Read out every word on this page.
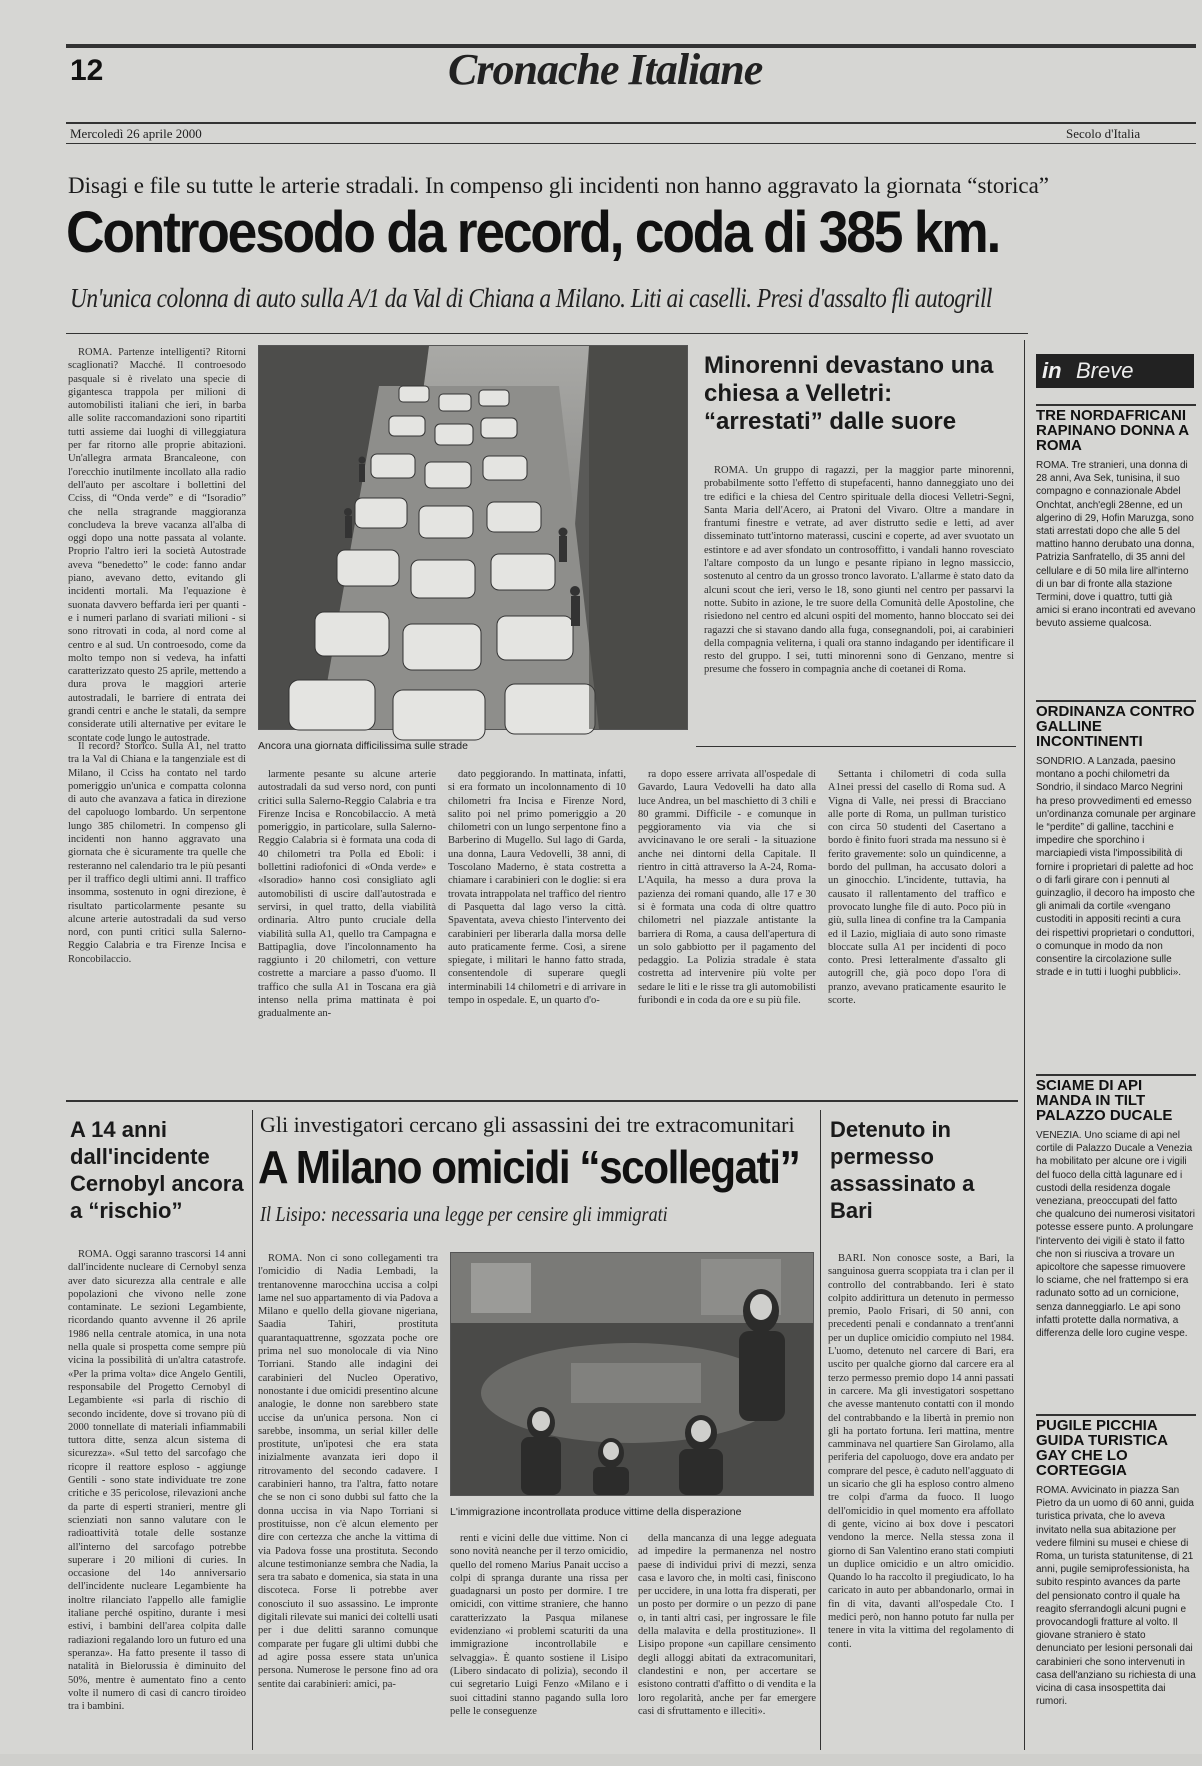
12	Cronache Italiane
Mercoledì 26 aprile 2000	Secolo d'Italia
Disagi e file su tutte le arterie stradali. In compenso gli incidenti non hanno aggravato la giornata “storica”
Controesodo da record, coda di 385 km.
Un'unica colonna di auto sulla A/1 da Val di Chiana a Milano. Liti ai caselli. Presi d'assalto fli autogrill
Ancora una giornata difficilissima sulle strade

ROMA. Partenze intelligenti? Ritorni scaglionati? Macché. Il controesodo pasquale si è rivelato una specie di gigantesca trappola per milioni di automobilisti italiani che ieri, in barba alle solite raccomandazioni sono ripartiti tutti assieme dai luoghi di villeggiatura per far ritorno alle proprie abitazioni. Un'allegra armata Brancaleone, con l'orecchio inutilmente incollato alla radio dell'auto per ascoltare i bollettini del Cciss, di “Onda verde” e di “Isoradio” che nella stragrande maggioranza concludeva la breve vacanza all'alba di oggi dopo una notte passata al volante. Proprio l'altro ieri la società Autostrade aveva “benedetto” le code: fanno andar piano, avevano detto, evitando gli incidenti mortali. Ma l'equazione è suonata davvero beffarda ieri per quanti - e i numeri parlano di svariati milioni - si sono ritrovati in coda, al nord come al centro e al sud. Un controesodo, come da molto tempo non si vedeva, ha infatti caratterizzato questo 25 aprile, mettendo a dura prova le maggiori arterie autostradali, le barriere di entrata dei grandi centri e anche le statali, da sempre considerate utili alternative per evitare le scontate code lungo le autostrade.

Il record? Storico. Sulla A1, nel tratto tra la Val di Chiana e la tangenziale est di Milano, il Ccìss ha contato nel tardo pomeriggio un'unica e compatta colonna di auto che avanzava a fatica in direzione del capoluogo lombardo. Un serpentone lungo 385 chilometri. In compenso gli incidenti non hanno aggravato una giornata che è sicuramente tra quelle che resteranno nel calendario tra le più pesanti per il traffico degli ultimi anni. Il traffico insomma, sostenuto in ogni direzione, è risultato particolarmente pesante su alcune arterie autostradali da sud verso nord, con punti critici sulla Salerno-Reggio Calabria e tra Firenze Incisa e Roncobilaccio.

larmente pesante su alcune arterie autostradali da sud verso nord, con punti critici sulla Salerno-Reggio Calabria e tra Firenze Incisa e Roncobilaccio. A metà pomeriggio, in particolare, sulla Salerno-Reggio Calabria si è formata una coda di 40 chilometri tra Polla ed Eboli: i bollettini radiofonici di «Onda verde» e «Isoradio» hanno così consigliato agli automobilisti di uscire dall'autostrada e servirsi, in quel tratto, della viabilità ordinaria. Altro punto cruciale della viabilità sulla A1, quello tra Campagna e Battipaglia, dove l'incolonnamento ha raggiunto i 20 chilometri, con vetture costrette a marciare a passo d'uomo. Il traffico che sulla A1 in Toscana era già intenso nella prima mattinata è poi gradualmente an-

dato peggiorando. In mattinata, infatti, si era formato un incolonnamento di 10 chilometri fra Incisa e Firenze Nord, salito poi nel primo pomeriggio a 20 chilometri con un lungo serpentone fino a Barberino di Mugello. Sul lago di Garda, una donna, Laura Vedovelli, 38 anni, di Toscolano Maderno, è stata costretta a chiamare i carabinieri con le doglie: si era trovata intrappolata nel traffico del rientro di Pasquetta dal lago verso la città. Spaventata, aveva chiesto l'intervento dei carabinieri per liberarla dalla morsa delle auto praticamente ferme. Così, a sirene spiegate, i militari le hanno fatto strada, consentendole di superare quegli interminabili 14 chilometri e di arrivare in tempo in ospedale. E, un quarto d'o-

ra dopo essere arrivata all'ospedale di Gavardo, Laura Vedovelli ha dato alla luce Andrea, un bel maschietto di 3 chili e 80 grammi. Difficile - e comunque in peggioramento via via che si avvicinavano le ore serali - la situazione anche nei dintorni della Capitale. Il rientro in città attraverso la A-24, Roma-L'Aquila, ha messo a dura prova la pazienza dei romani quando, alle 17 e 30 si è formata una coda di oltre quattro chilometri nel piazzale antistante la barriera di Roma, a causa dell'apertura di un solo gabbiotto per il pagamento del pedaggio. La Polizia stradale è stata costretta ad intervenire più volte per sedare le liti e le risse tra gli automobilisti furibondi e in coda da ore e su più file.

Settanta i chilometri di coda sulla A1nei pressi del casello di Roma sud. A Vigna di Valle, nei pressi di Bracciano alle porte di Roma, un pullman turistico con circa 50 studenti del Casertano a bordo è finito fuori strada ma nessuno si è ferito gravemente: solo un quindicenne, a bordo del pullman, ha accusato dolori a un ginocchio. L'incidente, tuttavia, ha causato il rallentamento del traffico e provocato lunghe file di auto. Poco più in giù, sulla linea di confine tra la Campania ed il Lazio, migliaia di auto sono rimaste bloccate sulla A1 per incidenti di poco conto. Presi letteralmente d'assalto gli autogrill che, già poco dopo l'ora di pranzo, avevano praticamente esaurito le scorte.

Minorenni devastano una chiesa a Velletri: “arrestati” dalle suore

ROMA. Un gruppo di ragazzi, per la maggior parte minorenni, probabilmente sotto l'effetto di stupefacenti, hanno danneggiato uno dei tre edifici e la chiesa del Centro spirituale della diocesi Velletri-Segni, Santa Maria dell'Acero, ai Pratoni del Vivaro. Oltre a mandare in frantumi finestre e vetrate, ad aver distrutto sedie e letti, ad aver disseminato tutt'intorno materassi, cuscini e coperte, ad aver svuotato un estintore e ad aver sfondato un controsoffitto, i vandali hanno rovesciato l'altare composto da un lungo e pesante ripiano in legno massiccio, sostenuto al centro da un grosso tronco lavorato. L'allarme è stato dato da alcuni scout che ieri, verso le 18, sono giunti nel centro per passarvi la notte. Subito in azione, le tre suore della Comunità delle Apostoline, che risiedono nel centro ed alcuni ospiti del momento, hanno bloccato sei dei ragazzi che si stavano dando alla fuga, consegnandoli, poi, ai carabinieri della compagnia veliterna, i quali ora stanno indagando per identificare il resto del gruppo. I sei, tutti minorenni sono di Genzano, mentre si presume che fossero in compagnia anche di coetanei di Roma.

in Breve
TRE NORDAFRICANI RAPINANO DONNA A ROMA
ROMA. Tre stranieri, una donna di 28 anni, Ava Sek, tunisina, il suo compagno e connazionale Abdel Onchtat, anch'egli 28enne, ed un algerino di 29, Hofin Maruzga, sono stati arrestati dopo che alle 5 del mattino hanno derubato una donna, Patrizia Sanfratello, di 35 anni del cellulare e di 50 mila lire all'interno di un bar di fronte alla stazione Termini, dove i quattro, tutti già amici si erano incontrati ed avevano bevuto assieme qualcosa.
ORDINANZA CONTRO GALLINE INCONTINENTI
SONDRIO. A Lanzada, paesino montano a pochi chilometri da Sondrio, il sindaco Marco Negrini ha preso provvedimenti ed emesso un'ordinanza comunale per arginare le “perdite” di galline, tacchini e impedire che sporchino i marciapiedi vista l'impossibilità di fornire i proprietari di palette ad hoc o di farli girare con i pennuti al guinzaglio, il decoro ha imposto che gli animali da cortile «vengano custoditi in appositi recinti a cura dei rispettivi proprietari o conduttori, o comunque in modo da non consentire la circolazione sulle strade e in tutti i luoghi pubblici».
SCIAME DI API MANDA IN TILT PALAZZO DUCALE
VENEZIA. Uno sciame di api nel cortile di Palazzo Ducale a Venezia ha mobilitato per alcune ore i vigili del fuoco della città lagunare ed i custodi della residenza dogale veneziana, preoccupati del fatto che qualcuno dei numerosi visitatori potesse essere punto. A prolungare l'intervento dei vigili è stato il fatto che non si riusciva a trovare un apicoltore che sapesse rimuovere lo sciame, che nel frattempo si era radunato sotto ad un cornicione, senza danneggiarlo. Le api sono infatti protette dalla normativa, a differenza delle loro cugine vespe.
PUGILE PICCHIA GUIDA TURISTICA GAY CHE LO CORTEGGIA
ROMA. Avvicinato in piazza San Pietro da un uomo di 60 anni, guida turistica privata, che lo aveva invitato nella sua abitazione per vedere filmini su musei e chiese di Roma, un turista statunitense, di 21 anni, pugile semiprofessionista, ha subito respinto avances da parte del pensionato contro il quale ha reagito sferrandogli alcuni pugni e provocandogli fratture al volto. Il giovane straniero è stato denunciato per lesioni personali dai carabinieri che sono intervenuti in casa dell'anziano su richiesta di una vicina di casa insospettita dai rumori.
A 14 anni dall'incidente Cernobyl ancora a “rischio”

ROMA. Oggi saranno trascorsi 14 anni dall'incidente nucleare di Cernobyl senza aver dato sicurezza alla centrale e alle popolazioni che vivono nelle zone contaminate. Le sezioni Legambiente, ricordando quanto avvenne il 26 aprile 1986 nella centrale atomica, in una nota nella quale si prospetta come sempre più vicina la possibilità di un'altra catastrofe. «Per la prima volta» dice Angelo Gentili, responsabile del Progetto Cernobyl di Legambiente «si parla di rischio di secondo incidente, dove si trovano più di 2000 tonnellate di materiali infiammabili tuttora ditte, senza alcun sistema di sicurezza». «Sul tetto del sarcofago che ricopre il reattore esploso - aggiunge Gentili - sono state individuate tre zone critiche e 35 pericolose, rilevazioni anche da parte di esperti stranieri, mentre gli scienziati non sanno valutare con le radioattività totale delle sostanze all'interno del sarcofago potrebbe superare i 20 milioni di curies. In occasione del 14o anniversario dell'incidente nucleare Legambiente ha inoltre rilanciato l'appello alle famiglie italiane perché ospitino, durante i mesi estivi, i bambini dell'area colpita dalle radiazioni regalando loro un futuro ed una speranza». Ha fatto presente il tasso di natalità in Bielorussia è diminuito del 50%, mentre è aumentato fino a cento volte il numero di casi di cancro tiroideo tra i bambini.

Gli investigatori cercano gli assassini dei tre extracomunitari
A Milano omicidi “scollegati”
Il Lisipo: necessaria una legge per censire gli immigrati
L'immigrazione incontrollata produce vittime della disperazione

ROMA. Non ci sono collegamenti tra l'omicidio di Nadia Lembadi, la trentanovenne marocchina uccisa a colpi lame nel suo appartamento di via Padova a Milano e quello della giovane nigeriana, Saadia Tahiri, prostituta quarantaquattrenne, sgozzata poche ore prima nel suo monolocale di via Nino Torriani. Stando alle indagini dei carabinieri del Nucleo Operativo, nonostante i due omicidi presentino alcune analogie, le donne non sarebbero state uccise da un'unica persona. Non ci sarebbe, insomma, un serial killer delle prostitute, un'ipotesi che era stata inizialmente avanzata ieri dopo il ritrovamento del secondo cadavere. I carabinieri hanno, tra l'altra, fatto notare che se non ci sono dubbi sul fatto che la donna uccisa in via Napo Torriani si prostituisse, non c'è alcun elemento per dire con certezza che anche la vittima di via Padova fosse una prostituta. Secondo alcune testimonianze sembra che Nadia, la sera tra sabato e domenica, sia stata in una discoteca. Forse lì potrebbe aver conosciuto il suo assassino. Le impronte digitali rilevate sui manici dei coltelli usati per i due delitti saranno comunque comparate per fugare gli ultimi dubbi che ad agire possa essere stata un'unica persona. Numerose le persone fino ad ora sentite dai carabinieri: amici, pa-

renti e vicini delle due vittime. Non ci sono novità neanche per il terzo omicidio, quello del romeno Marius Panait ucciso a colpi di spranga durante una rissa per guadagnarsi un posto per dormire. I tre omicidi, con vittime straniere, che hanno caratterizzato la Pasqua milanese evidenziano «i problemi scaturiti da una immigrazione incontrollabile e selvaggia». È quanto sostiene il Lisipo (Libero sindacato di polizia), secondo il cui segretario Luigi Fenzo «Milano e i suoi cittadini stanno pagando sulla loro pelle le conseguenze

della mancanza di una legge adeguata ad impedire la permanenza nel nostro paese di individui privi di mezzi, senza casa e lavoro che, in molti casi, finiscono per uccidere, in una lotta fra disperati, per un posto per dormire o un pezzo di pane o, in tanti altri casi, per ingrossare le file della malavita e della prostituzione». Il Lisipo propone «un capillare censimento degli alloggi abitati da extracomunitari, clandestini e non, per accertare se esistono contratti d'affitto o di vendita e la loro regolarità, anche per far emergere casi di sfruttamento e illeciti».

Detenuto in permesso assassinato a Bari

BARI. Non conosce soste, a Bari, la sanguinosa guerra scoppiata tra i clan per il controllo del contrabbando. Ieri è stato colpito addirittura un detenuto in permesso premio, Paolo Frisari, di 50 anni, con precedenti penali e condannato a trent'anni per un duplice omicidio compiuto nel 1984. L'uomo, detenuto nel carcere di Bari, era uscito per qualche giorno dal carcere era al terzo permesso premio dopo 14 anni passati in carcere. Ma gli investigatori sospettano che avesse mantenuto contatti con il mondo del contrabbando e la libertà in premio non gli ha portato fortuna. Ieri mattina, mentre camminava nel quartiere San Girolamo, alla periferia del capoluogo, dove era andato per comprare del pesce, è caduto nell'agguato di un sicario che gli ha esploso contro almeno tre colpi d'arma da fuoco. Il luogo dell'omicidio in quel momento era affollato di gente, vicino ai box dove i pescatori vendono la merce. Nella stessa zona il giorno di San Valentino erano stati compiuti un duplice omicidio e un altro omicidio. Quando lo ha raccolto il pregiudicato, lo ha caricato in auto per abbandonarlo, ormai in fin di vita, davanti all'ospedale Cto. I medici però, non hanno potuto far nulla per tenere in vita la vittima del regolamento di conti.
